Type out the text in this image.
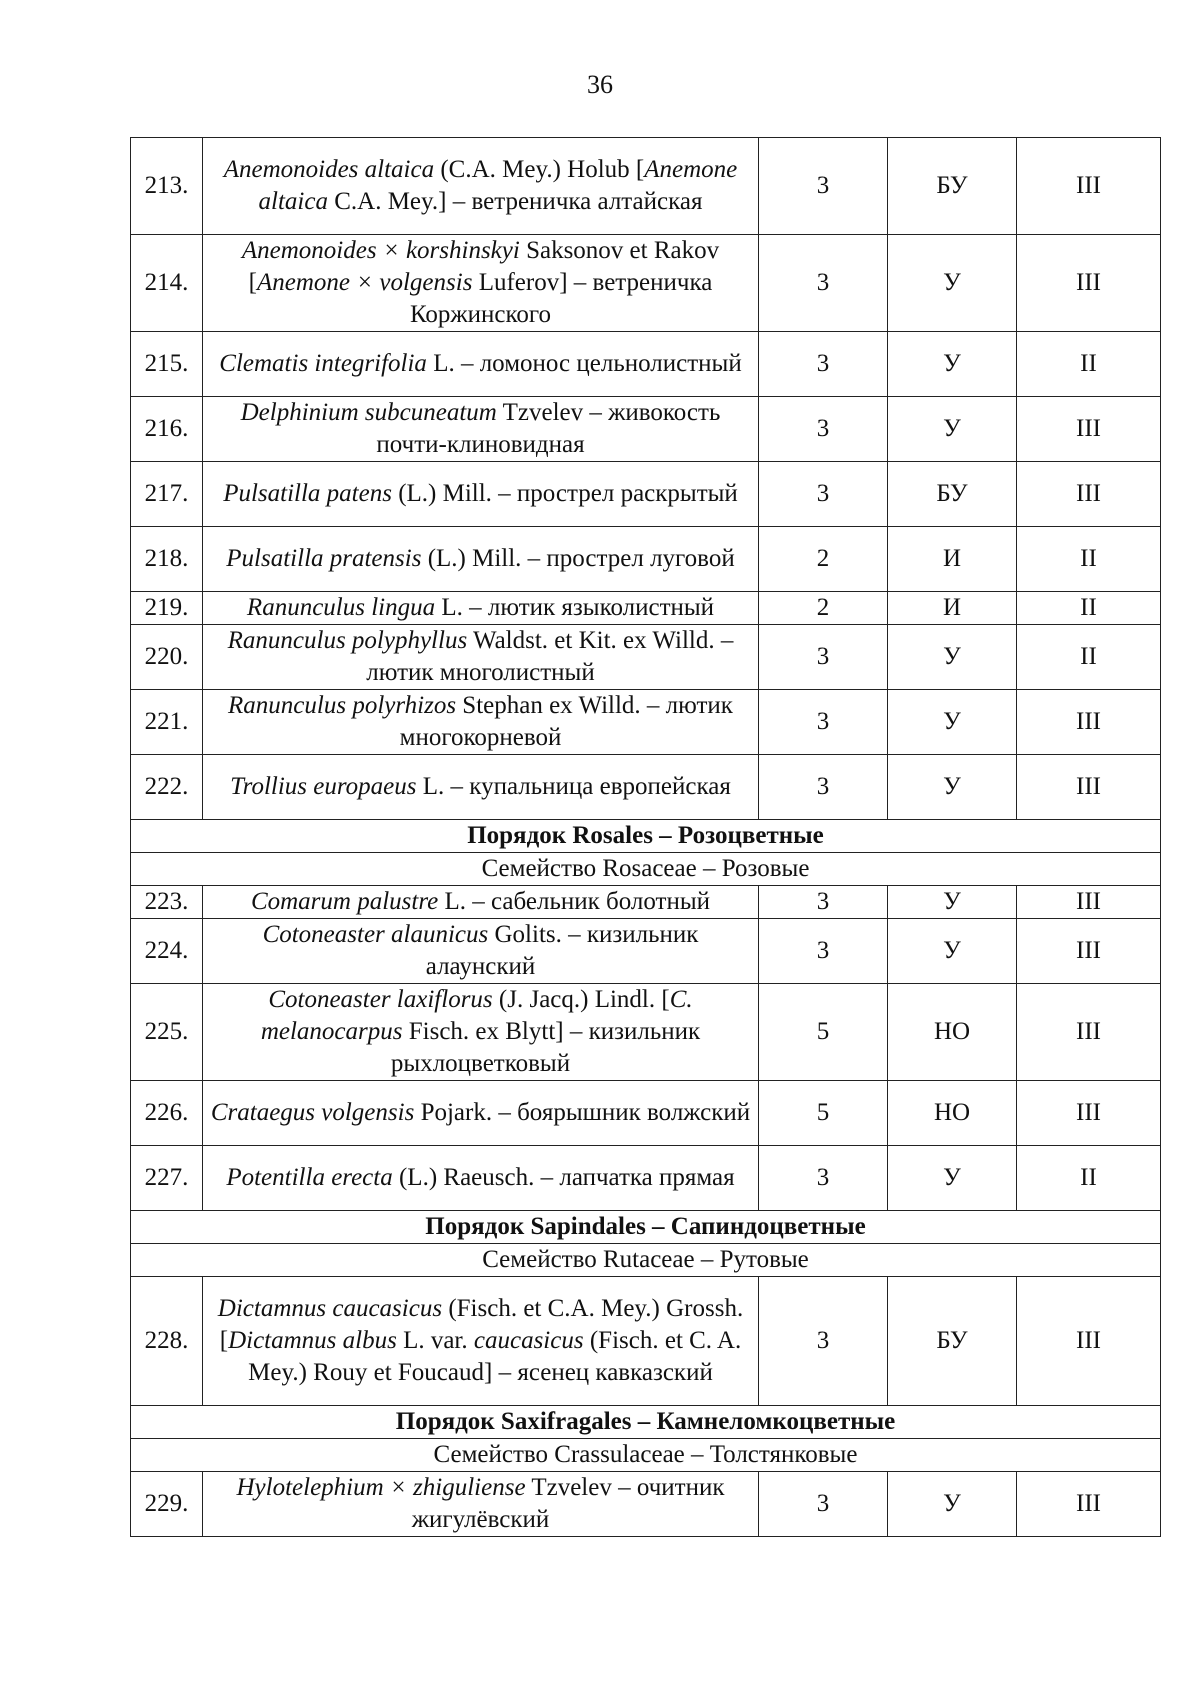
36
213.	Anemonoides altaica (C.A. Mey.) Holub [Anemone altaica C.A. Mey.] – ветреничка алтайская	3	БУ	III
214.	Anemonoides × korshinskyi Saksonov et Rakov [Anemone × volgensis Luferov] – ветреничка Коржинского	3	У	III
215.	Clematis integrifolia L. – ломонос цельнолистный	3	У	II
216.	Delphinium subcuneatum Tzvelev – живокость почти-клиновидная	3	У	III
217.	Pulsatilla patens (L.) Mill. – прострел раскрытый	3	БУ	III
218.	Pulsatilla pratensis (L.) Mill. – прострел луговой	2	И	II
219.	Ranunculus lingua L. – лютик языколистный	2	И	II
220.	Ranunculus polyphyllus Waldst. et Kit. ex Willd. – лютик многолистный	3	У	II
221.	Ranunculus polyrhizos Stephan ex Willd. – лютик многокорневой	3	У	III
222.	Trollius europaeus L. – купальница европейская	3	У	III
Порядок Rosales – Розоцветные				
Семейство Rosaceae – Розовые				
223.	Comarum palustre L. – сабельник болотный	3	У	III
224.	Cotoneaster alaunicus Golits. – кизильник алаунский	3	У	III
225.	Cotoneaster laxiflorus (J. Jacq.) Lindl. [C. melanocarpus Fisch. ex Blytt] – кизильник рыхлоцветковый	5	НО	III
226.	Crataegus volgensis Pojark. – боярышник волжский	5	НО	III
227.	Potentilla erecta (L.) Raeusch. – лапчатка прямая	3	У	II
Порядок Sapindales – Сапиндоцветные				
Семейство Rutaceae – Рутовые				
228.	Dictamnus caucasicus (Fisch. et C.A. Mey.) Grossh. [Dictamnus albus L. var. caucasicus (Fisch. et C. A. Mey.) Rouy et Foucaud] – ясенец кавказский	3	БУ	III
Порядок Saxifragales – Камнеломкоцветные				
Семейство Crassulaceae – Толстянковые				
229.	Hylotelephium × zhiguliense Tzvelev – очитник жигулёвский	3	У	III
